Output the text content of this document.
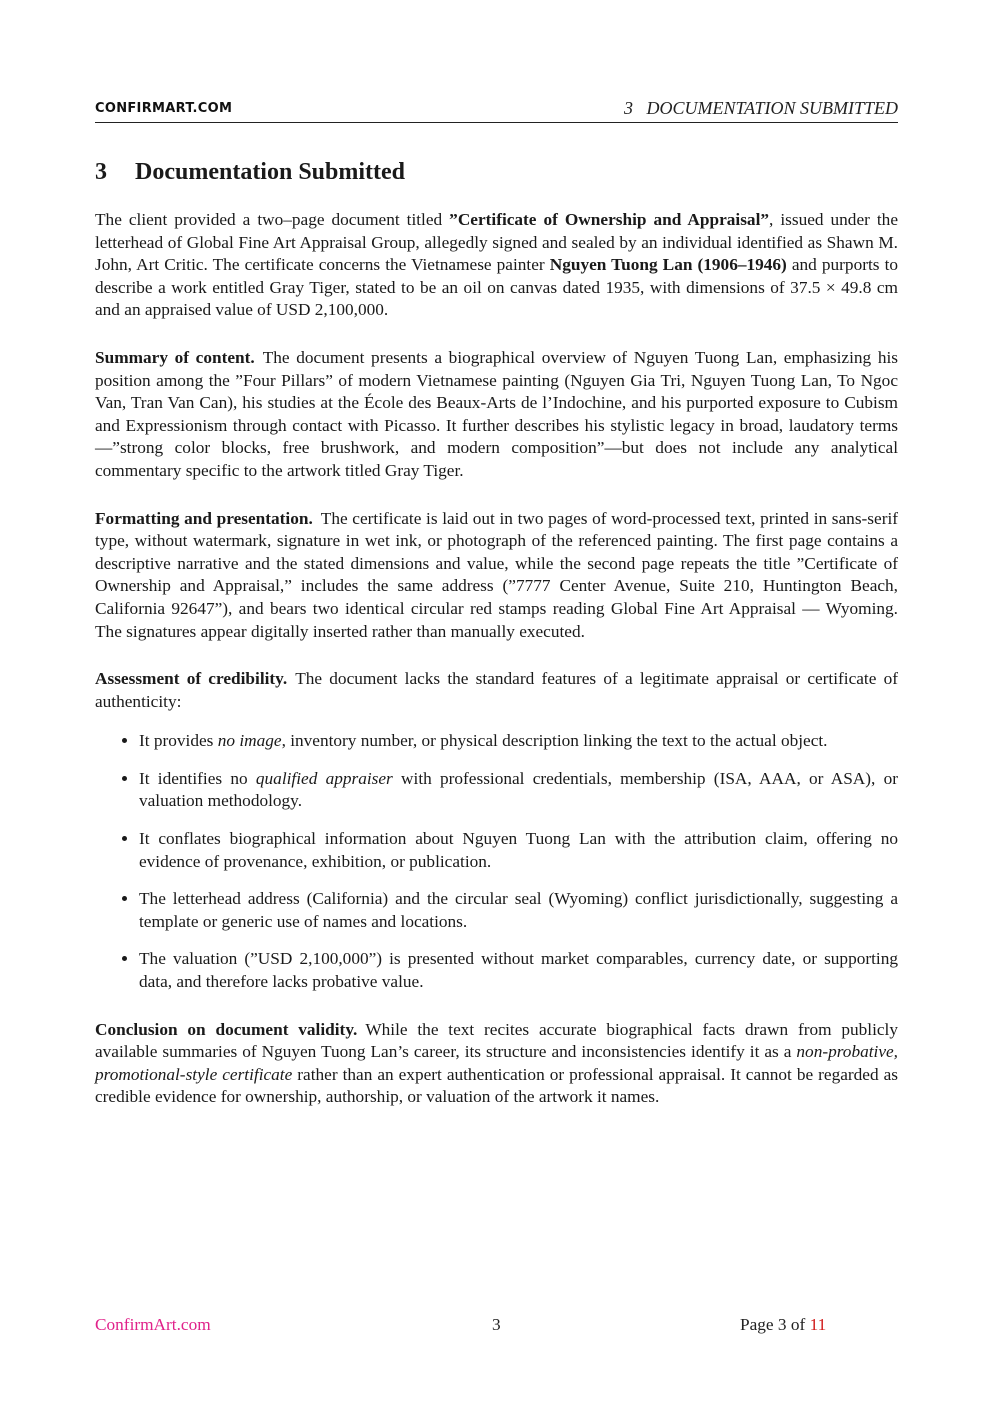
CONFIRMART.COM	3   DOCUMENTATION SUBMITTED
3 Documentation Submitted

The client provided a two–page document titled ”Certificate of Ownership and Appraisal”, issued under the letterhead of Global Fine Art Appraisal Group, allegedly signed and sealed by an individual identified as Shawn M. John, Art Critic. The certificate concerns the Vietnamese painter Nguyen Tuong Lan (1906–1946) and purports to describe a work entitled Gray Tiger, stated to be an oil on canvas dated 1935, with dimensions of 37.5 × 49.8 cm and an appraised value of USD 2,100,000.

Summary of content. The document presents a biographical overview of Nguyen Tuong Lan, emphasizing his position among the ”Four Pillars” of modern Vietnamese painting (Nguyen Gia Tri, Nguyen Tuong Lan, To Ngoc Van, Tran Van Can), his studies at the École des Beaux-Arts de l’Indochine, and his purported exposure to Cubism and Expressionism through contact with Picasso. It further describes his stylistic legacy in broad, laudatory terms—”strong color blocks, free brushwork, and modern composition”—but does not include any analytical commentary specific to the artwork titled Gray Tiger.

Formatting and presentation. The certificate is laid out in two pages of word-processed text, printed in sans-serif type, without watermark, signature in wet ink, or photograph of the referenced painting. The first page contains a descriptive narrative and the stated dimensions and value, while the second page repeats the title ”Certificate of Ownership and Appraisal,” includes the same address (”7777 Center Avenue, Suite 210, Huntington Beach, California 92647”), and bears two identical circular red stamps reading Global Fine Art Appraisal — Wyoming. The signatures appear digitally inserted rather than manually executed.

Assessment of credibility. The document lacks the standard features of a legitimate appraisal or certificate of authenticity:

• It provides no image, inventory number, or physical description linking the text to the actual object.
• It identifies no qualified appraiser with professional credentials, membership (ISA, AAA, or ASA), or valuation methodology.
• It conflates biographical information about Nguyen Tuong Lan with the attribution claim, offering no evidence of provenance, exhibition, or publication.
• The letterhead address (California) and the circular seal (Wyoming) conflict jurisdictionally, suggesting a template or generic use of names and locations.
• The valuation (”USD 2,100,000”) is presented without market comparables, currency date, or supporting data, and therefore lacks probative value.

Conclusion on document validity. While the text recites accurate biographical facts drawn from publicly available summaries of Nguyen Tuong Lan’s career, its structure and inconsistencies identify it as a non-probative, promotional-style certificate rather than an expert authentication or professional appraisal. It cannot be regarded as credible evidence for ownership, authorship, or valuation of the artwork it names.

ConfirmArt.com	3	Page 3 of 11
